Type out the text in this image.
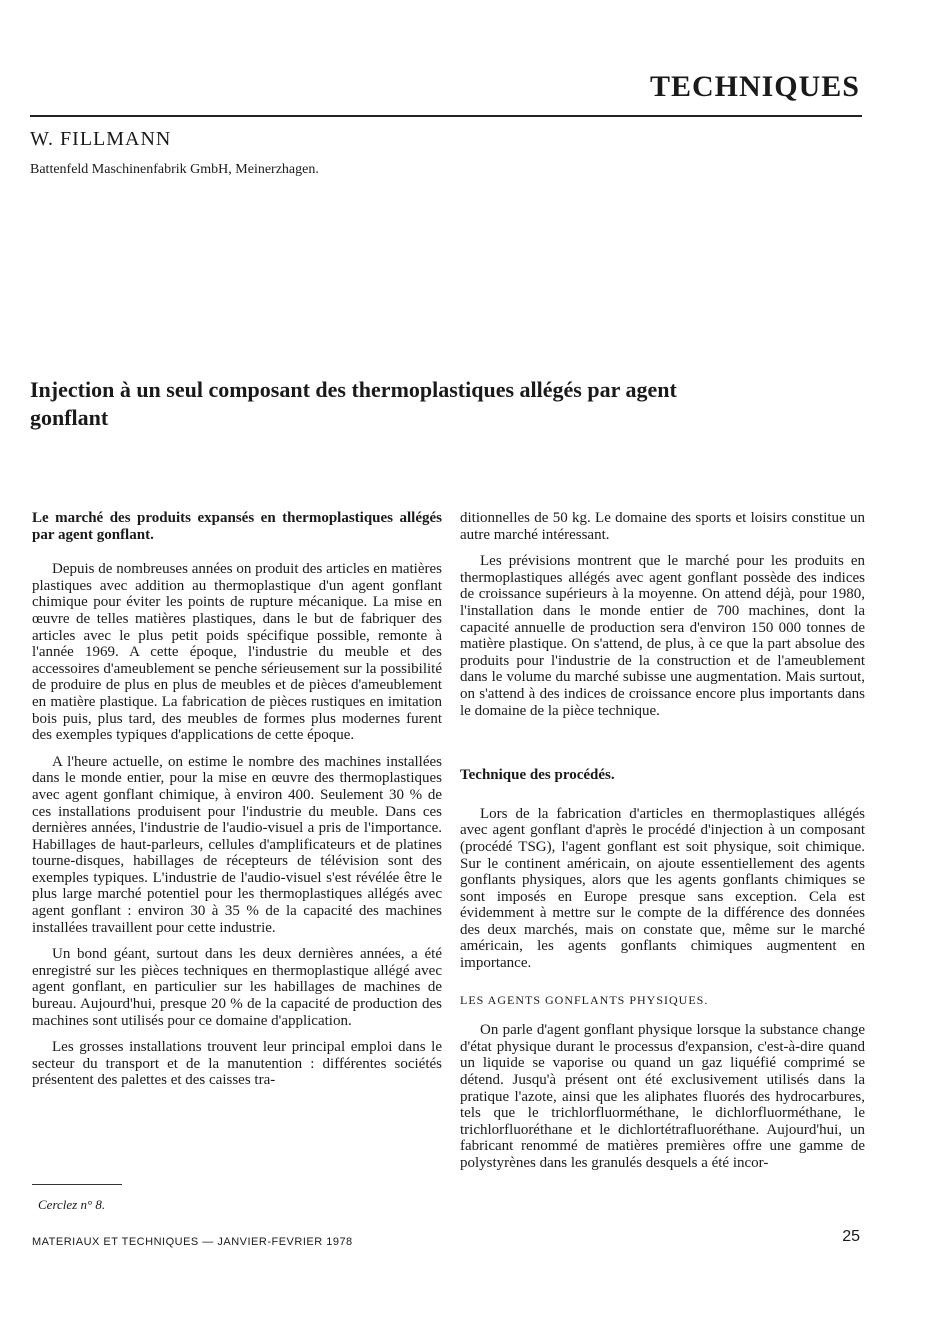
TECHNIQUES
W. FILLMANN
Battenfeld Maschinenfabrik GmbH, Meinerzhagen.
Injection à un seul composant des thermoplastiques allégés par agent gonflant
Le marché des produits expansés en thermoplastiques allégés par agent gonflant.

Depuis de nombreuses années on produit des articles en matières plastiques avec addition au thermoplastique d'un agent gonflant chimique pour éviter les points de rupture mécanique. La mise en œuvre de telles matières plastiques, dans le but de fabriquer des articles avec le plus petit poids spécifique possible, remonte à l'année 1969. A cette époque, l'industrie du meuble et des accessoires d'ameublement se penche sérieusement sur la possibilité de produire de plus en plus de meubles et de pièces d'ameublement en matière plastique. La fabrication de pièces rustiques en imitation bois puis, plus tard, des meubles de formes plus modernes furent des exemples typiques d'applications de cette époque.

A l'heure actuelle, on estime le nombre des machines installées dans le monde entier, pour la mise en œuvre des thermoplastiques avec agent gonflant chimique, à environ 400. Seulement 30 % de ces installations produisent pour l'industrie du meuble. Dans ces dernières années, l'industrie de l'audio-visuel a pris de l'importance. Habillages de haut-parleurs, cellules d'amplificateurs et de platines tourne-disques, habillages de récepteurs de télévision sont des exemples typiques. L'industrie de l'audio-visuel s'est révélée être le plus large marché potentiel pour les thermoplastiques allégés avec agent gonflant : environ 30 à 35 % de la capacité des machines installées travaillent pour cette industrie.

Un bond géant, surtout dans les deux dernières années, a été enregistré sur les pièces techniques en thermoplastique allégé avec agent gonflant, en particulier sur les habillages de machines de bureau. Aujourd'hui, presque 20 % de la capacité de production des machines sont utilisés pour ce domaine d'application.

Les grosses installations trouvent leur principal emploi dans le secteur du transport et de la manutention : différentes sociétés présentent des palettes et des caisses tra-

ditionnelles de 50 kg. Le domaine des sports et loisirs constitue un autre marché intéressant.

Les prévisions montrent que le marché pour les produits en thermoplastiques allégés avec agent gonflant possède des indices de croissance supérieurs à la moyenne. On attend déjà, pour 1980, l'installation dans le monde entier de 700 machines, dont la capacité annuelle de production sera d'environ 150 000 tonnes de matière plastique. On s'attend, de plus, à ce que la part absolue des produits pour l'industrie de la construction et de l'ameublement dans le volume du marché subisse une augmentation. Mais surtout, on s'attend à des indices de croissance encore plus importants dans le domaine de la pièce technique.

Technique des procédés.

Lors de la fabrication d'articles en thermoplastiques allégés avec agent gonflant d'après le procédé d'injection à un composant (procédé TSG), l'agent gonflant est soit physique, soit chimique. Sur le continent américain, on ajoute essentiellement des agents gonflants physiques, alors que les agents gonflants chimiques se sont imposés en Europe presque sans exception. Cela est évidemment à mettre sur le compte de la différence des données des deux marchés, mais on constate que, même sur le marché américain, les agents gonflants chimiques augmentent en importance.

LES AGENTS GONFLANTS PHYSIQUES.

On parle d'agent gonflant physique lorsque la substance change d'état physique durant le processus d'expansion, c'est-à-dire quand un liquide se vaporise ou quand un gaz liquéfié comprimé se détend. Jusqu'à présent ont été exclusivement utilisés dans la pratique l'azote, ainsi que les aliphates fluorés des hydrocarbures, tels que le trichlorfluorméthane, le dichlorfluorméthane, le trichlorfluoréthane et le dichlortétrafluoréthane. Aujourd'hui, un fabricant renommé de matières premières offre une gamme de polystyrènes dans les granulés desquels a été incor-

Cerclez n° 8.
MATERIAUX ET TECHNIQUES — JANVIER-FEVRIER 1978	25
